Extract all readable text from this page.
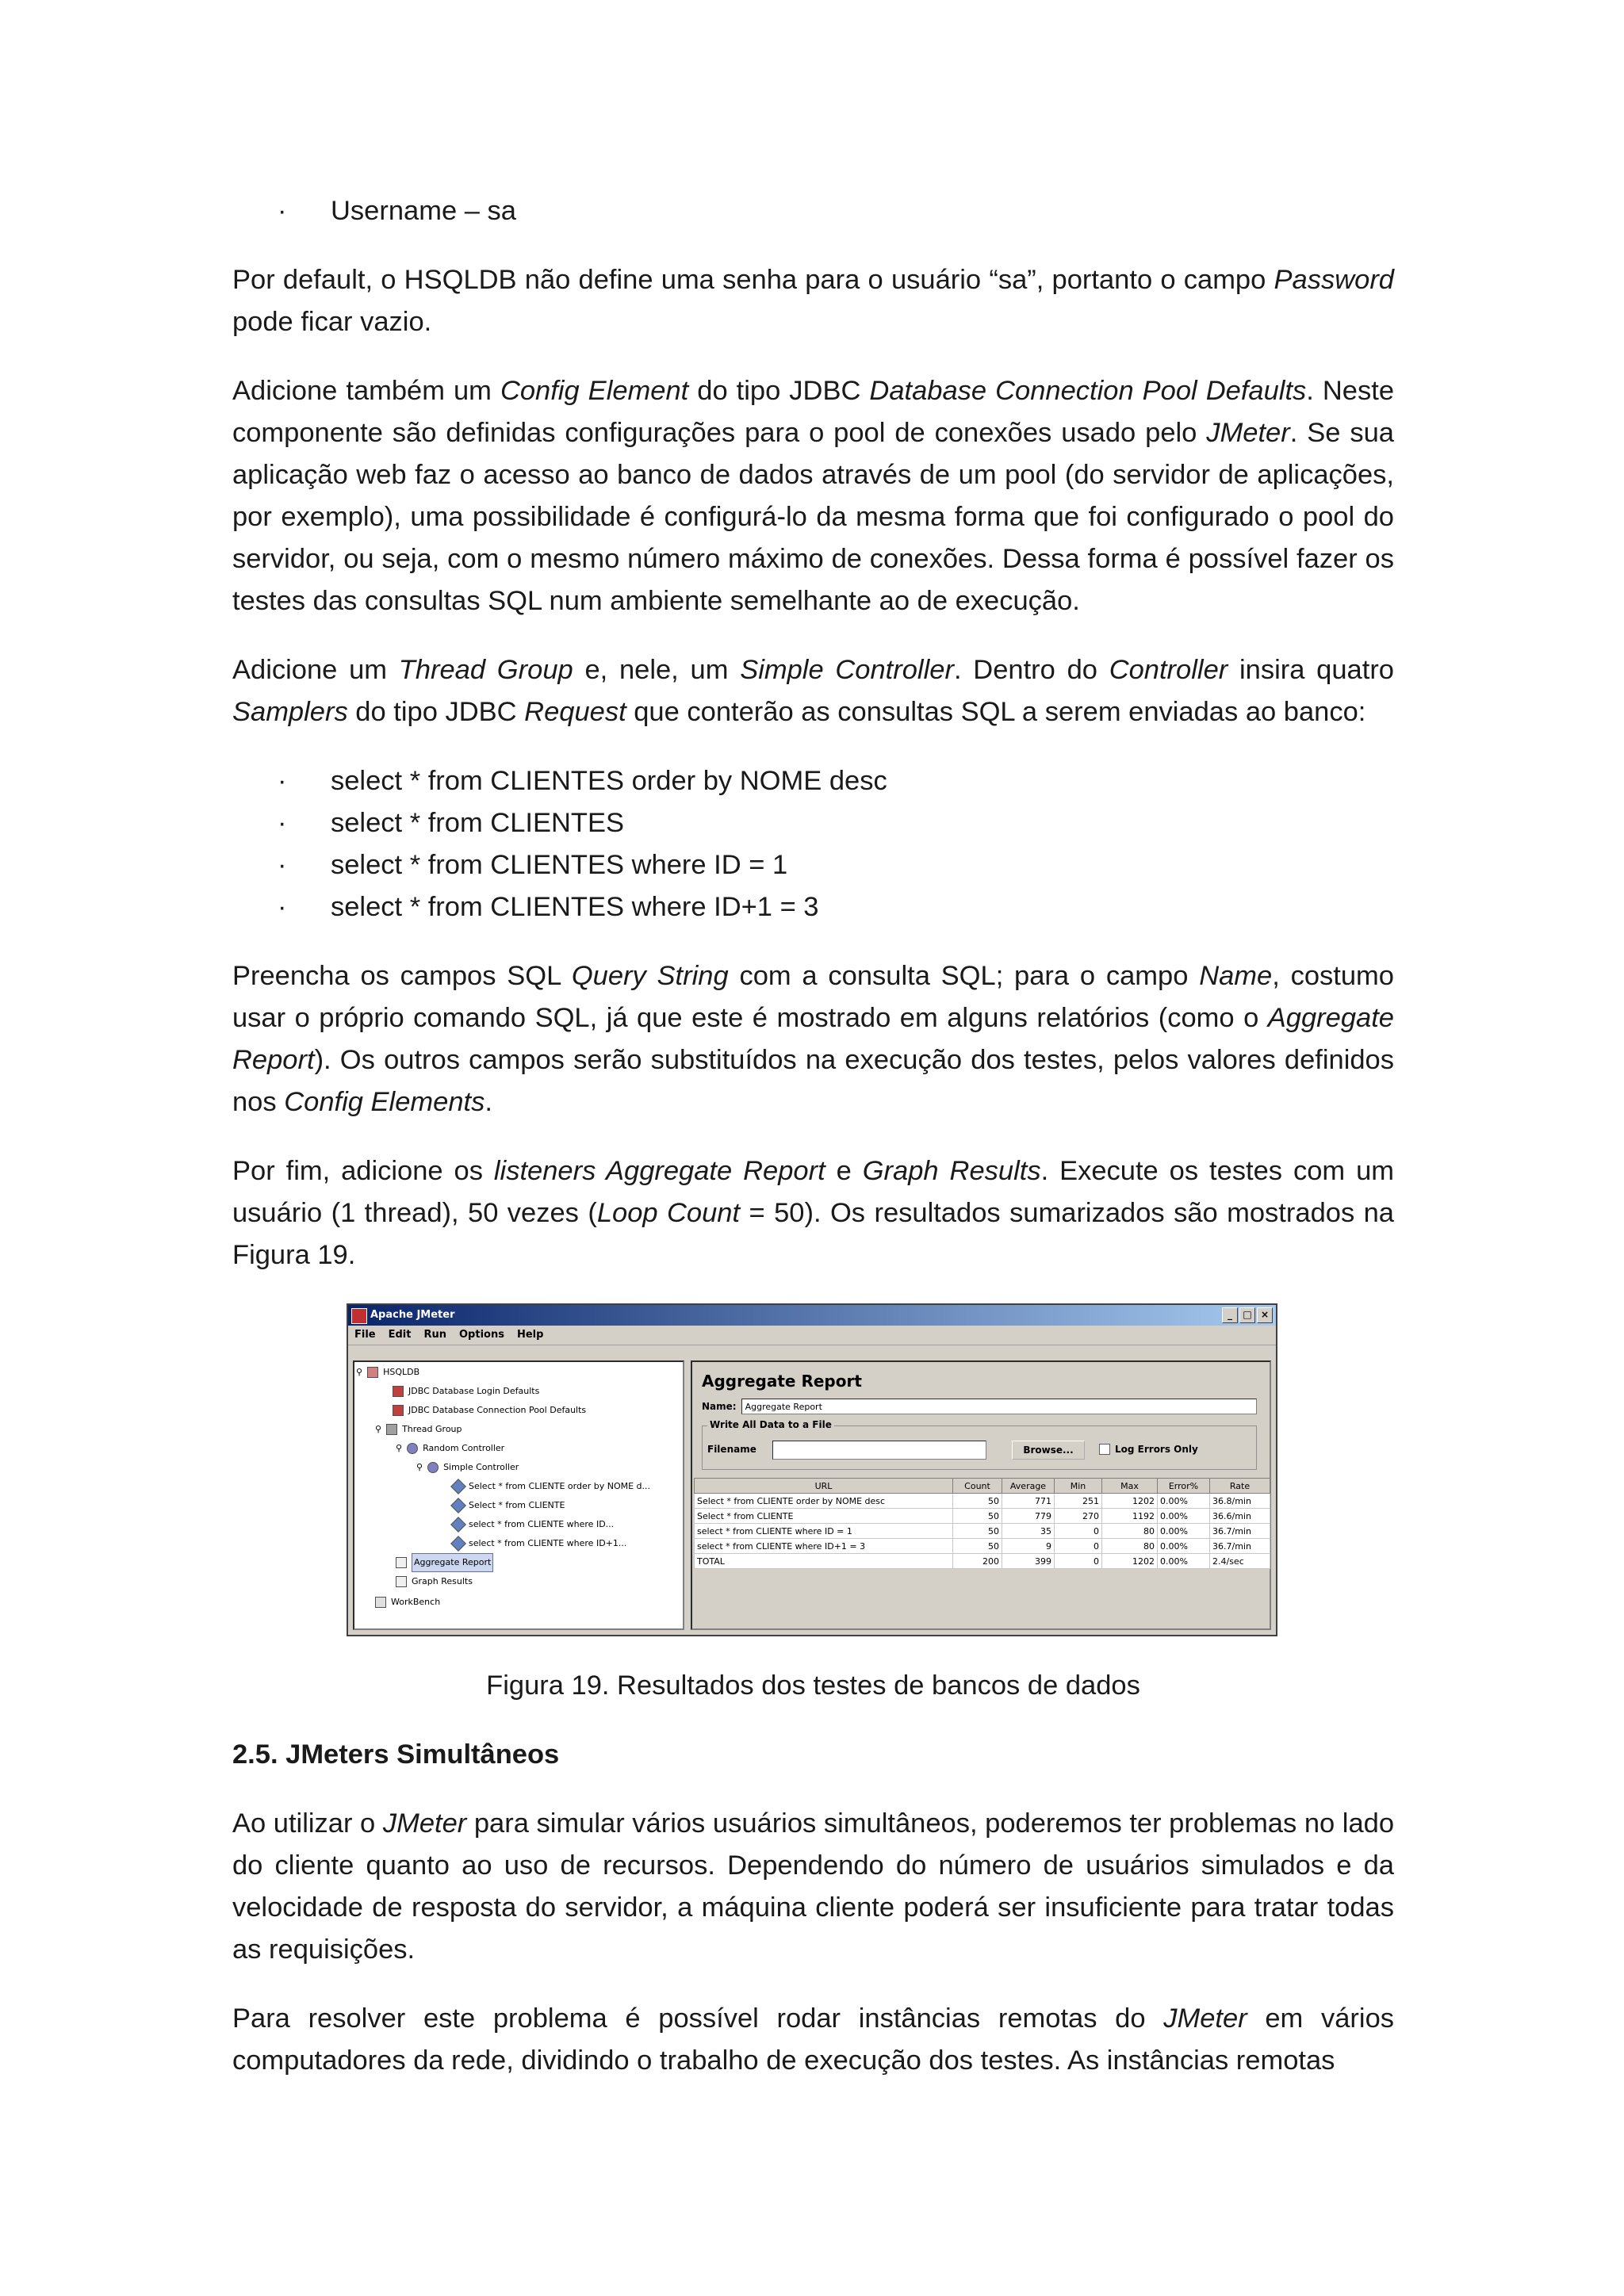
· Username – sa

Por default, o HSQLDB não define uma senha para o usuário “sa”, portanto o campo Password pode ficar vazio.

Adicione também um Config Element do tipo JDBC Database Connection Pool Defaults. Neste componente são definidas configurações para o pool de conexões usado pelo JMeter. Se sua aplicação web faz o acesso ao banco de dados através de um pool (do servidor de aplicações, por exemplo), uma possibilidade é configurá-lo da mesma forma que foi configurado o pool do servidor, ou seja, com o mesmo número máximo de conexões. Dessa forma é possível fazer os testes das consultas SQL num ambiente semelhante ao de execução.

Adicione um Thread Group e, nele, um Simple Controller. Dentro do Controller insira quatro Samplers do tipo JDBC Request que conterão as consultas SQL a serem enviadas ao banco:

· select * from CLIENTES order by NOME desc
· select * from CLIENTES
· select * from CLIENTES where ID = 1
· select * from CLIENTES where ID+1 = 3

Preencha os campos SQL Query String com a consulta SQL; para o campo Name, costumo usar o próprio comando SQL, já que este é mostrado em alguns relatórios (como o Aggregate Report). Os outros campos serão substituídos na execução dos testes, pelos valores definidos nos Config Elements.

Por fim, adicione os listeners Aggregate Report e Graph Results. Execute os testes com um usuário (1 thread), 50 vezes (Loop Count = 50). Os resultados sumarizados são mostrados na Figura 19.

Apache JMeter	_	□ ×
File Edit Run Options Help
⚲ HSQLDB
JDBC Database Login Defaults
JDBC Database Connection Pool Defaults
⚲ Thread Group
⚲ Random Controller
⚲ Simple Controller
Select * from CLIENTE order by NOME d...
Select * from CLIENTE
select * from CLIENTE where ID...
select * from CLIENTE where ID+1...
Aggregate Report
Graph Results
WorkBench
Aggregate Report
Name:	Aggregate Report
Write All Data to a File
Filename	Browse...	Log Errors Only
URL	Count	Average	Min	Max	Error%	Rate
Select * from CLIENTE order by NOME desc	50	771	251	1202	0.00%	36.8/min
Select * from CLIENTE	50	779	270	1192	0.00%	36.6/min
select * from CLIENTE where ID = 1	50	35	0	80	0.00%	36.7/min
select * from CLIENTE where ID+1 = 3	50	9	0	80	0.00%	36.7/min
TOTAL	200	399	0	1202	0.00%	2.4/sec
Figura 19. Resultados dos testes de bancos de dados
2.5. JMeters Simultâneos

Ao utilizar o JMeter para simular vários usuários simultâneos, poderemos ter problemas no lado do cliente quanto ao uso de recursos. Dependendo do número de usuários simulados e da velocidade de resposta do servidor, a máquina cliente poderá ser insuficiente para tratar todas as requisições.

Para resolver este problema é possível rodar instâncias remotas do JMeter em vários computadores da rede, dividindo o trabalho de execução dos testes. As instâncias remotas
